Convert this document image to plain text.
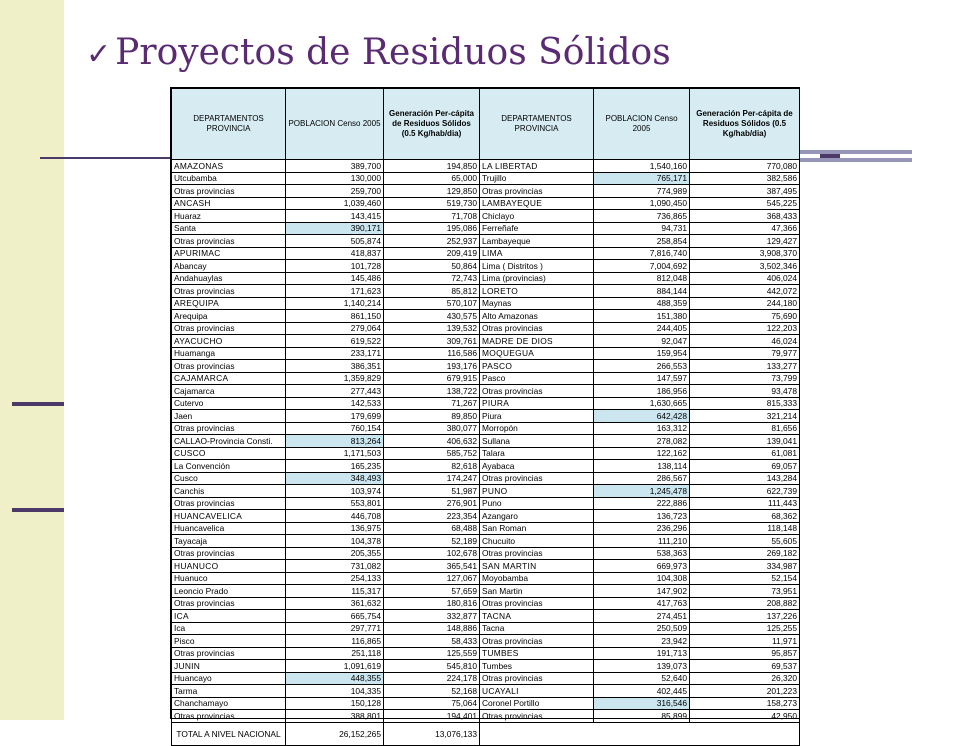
✓ Proyectos de Residuos Sólidos
DEPARTAMENTOS PROVINCIA	POBLACION Censo 2005	Generación Per-cápita de Residuos Sólidos (0.5 Kg/hab/dia)	DEPARTAMENTOS PROVINCIA	POBLACION Censo 2005	Generación Per-cápita de Residuos Sólidos (0.5 Kg/hab/dia)
AMAZONAS	389,700	194,850	LA LIBERTAD	1,540,160	770,080
Utcubamba	130,000	65,000	Trujillo	765,171	382,586
Otras provincias	259,700	129,850	Otras provincias	774,989	387,495
ANCASH	1,039,460	519,730	LAMBAYEQUE	1,090,450	545,225
Huaraz	143,415	71,708	Chiclayo	736,865	368,433
Santa	390,171	195,086	Ferreñafe	94,731	47,366
Otras provincias	505,874	252,937	Lambayeque	258,854	129,427
APURIMAC	418,837	209,419	LIMA	7,816,740	3,908,370
Abancay	101,728	50,864	Lima ( Distritos )	7,004,692	3,502,346
Andahuaylas	145,486	72,743	Lima (provincias)	812,048	406,024
Otras provincias	171,623	85,812	LORETO	884,144	442,072
AREQUIPA	1,140,214	570,107	Maynas	488,359	244,180
Arequipa	861,150	430,575	Alto Amazonas	151,380	75,690
Otras provincias	279,064	139,532	Otras provincias	244,405	122,203
AYACUCHO	619,522	309,761	MADRE DE DIOS	92,047	46,024
Huamanga	233,171	116,586	MOQUEGUA	159,954	79,977
Otras provincias	386,351	193,176	PASCO	266,553	133,277
CAJAMARCA	1,359,829	679,915	Pasco	147,597	73,799
Cajamarca	277,443	138,722	Otras provincias	186,956	93,478
Cutervo	142,533	71,267	PIURA	1,630,665	815,333
Jaen	179,699	89,850	Piura	642,428	321,214
Otras provincias	760,154	380,077	Morropón	163,312	81,656
CALLAO-Provincia Consti.	813,264	406,632	Sullana	278,082	139,041
CUSCO	1,171,503	585,752	Talara	122,162	61,081
La Convención	165,235	82,618	Ayabaca	138,114	69,057
Cusco	348,493	174,247	Otras provincias	286,567	143,284
Canchis	103,974	51,987	PUNO	1,245,478	622,739
Otras provincias	553,801	276,901	Puno	222,886	111,443
HUANCAVELICA	446,708	223,354	Azangaro	136,723	68,362
Huancavelica	136,975	68,488	San Roman	236,296	118,148
Tayacaja	104,378	52,189	Chucuito	111,210	55,605
Otras provincias	205,355	102,678	Otras provincias	538,363	269,182
HUANUCO	731,082	365,541	SAN MARTIN	669,973	334,987
Huanuco	254,133	127,067	Moyobamba	104,308	52,154
Leoncio Prado	115,317	57,659	San Martin	147,902	73,951
Otras provincias	361,632	180,816	Otras provincias	417,763	208,882
ICA	665,754	332,877	TACNA	274,451	137,226
Ica	297,771	148,886	Tacna	250,509	125,255
Pisco	116,865	58,433	Otras provincias	23,942	11,971
Otras provincias	251,118	125,559	TUMBES	191,713	95,857
JUNIN	1,091,619	545,810	Tumbes	139,073	69,537
Huancayo	448,355	224,178	Otras provincias	52,640	26,320
Tarma	104,335	52,168	UCAYALI	402,445	201,223
Chanchamayo	150,128	75,064	Coronel Portillo	316,546	158,273
Otras provincias	388,801	194,401	Otras provincias	85,899	42,950
TOTAL A NIVEL NACIONAL	26,152,265	13,076,133			
